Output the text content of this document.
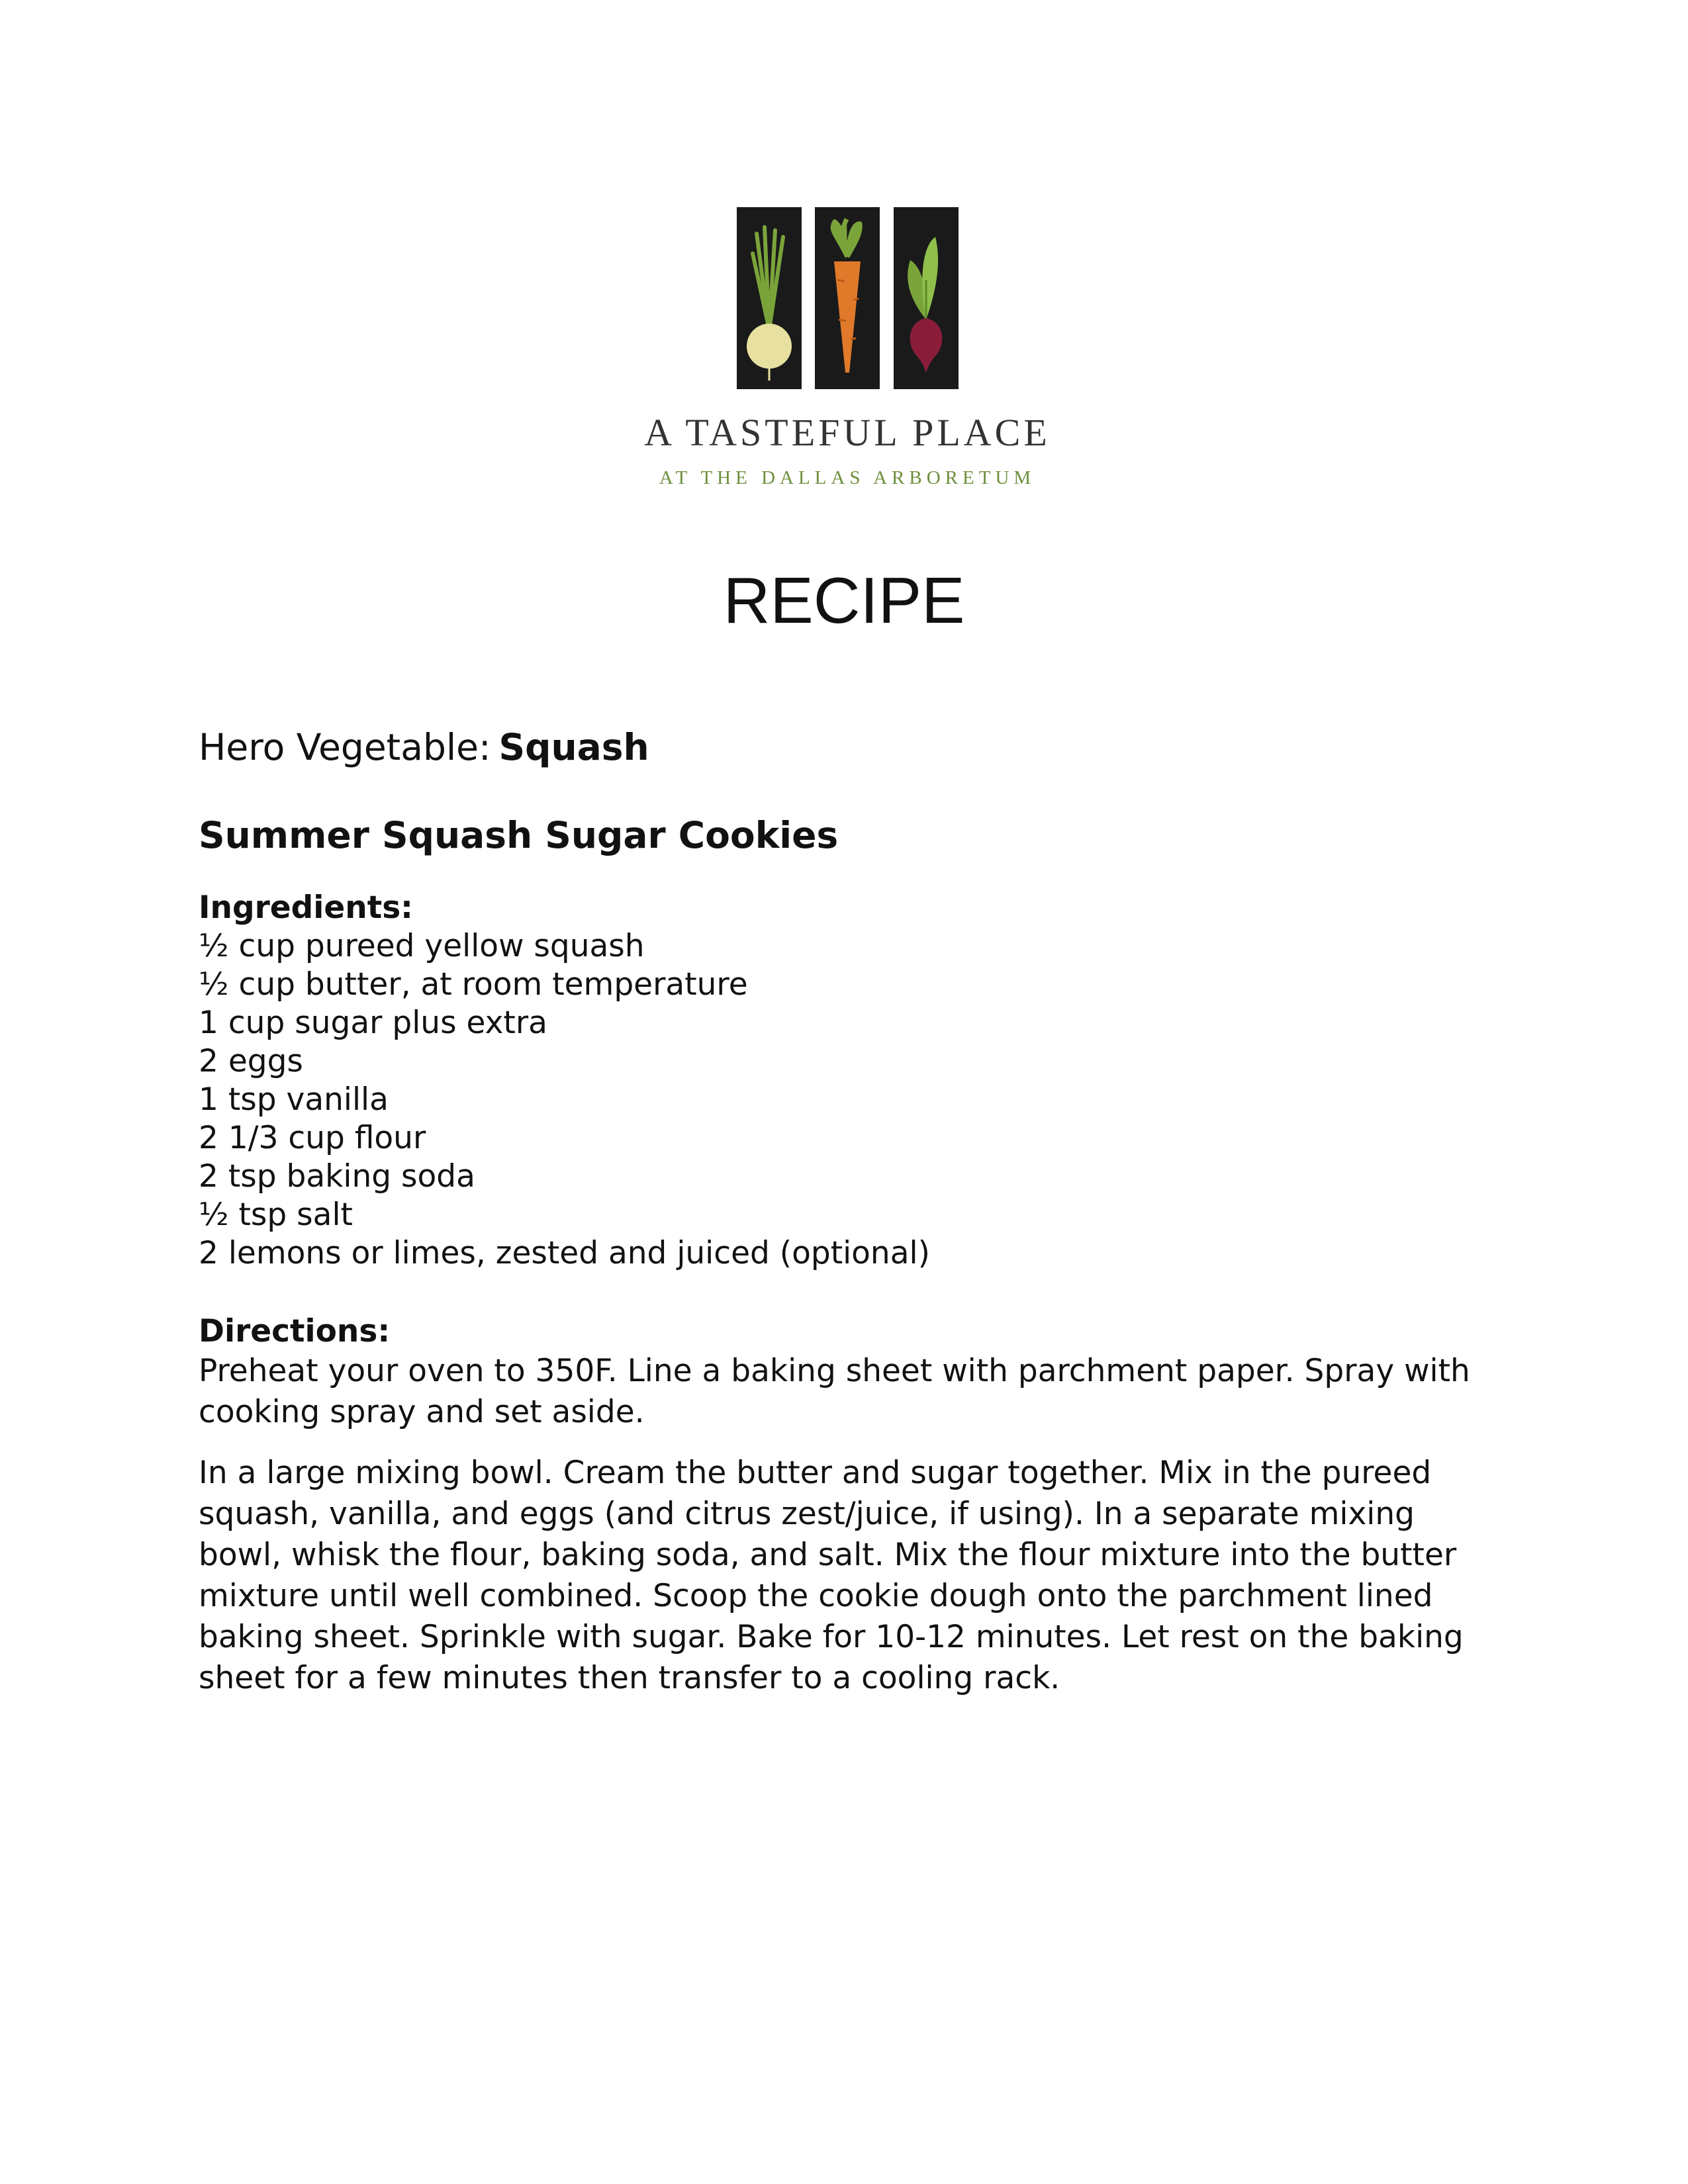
A TASTEFUL PLACE
AT THE DALLAS ARBORETUM
RECIPE
Hero Vegetable: Squash
Summer Squash Sugar Cookies
Ingredients:
½ cup pureed yellow squash
½ cup butter, at room temperature
1 cup sugar plus extra
2 eggs
1 tsp vanilla
2 1/3 cup flour
2 tsp baking soda
½ tsp salt
2 lemons or limes, zested and juiced (optional)
Directions:

Preheat your oven to 350F. Line a baking sheet with parchment paper. Spray with cooking spray and set aside.

In a large mixing bowl. Cream the butter and sugar together. Mix in the pureed squash, vanilla, and eggs (and citrus zest/juice, if using). In a separate mixing bowl, whisk the flour, baking soda, and salt. Mix the flour mixture into the butter mixture until well combined. Scoop the cookie dough onto the parchment lined baking sheet. Sprinkle with sugar. Bake for 10-12 minutes. Let rest on the baking sheet for a few minutes then transfer to a cooling rack.
